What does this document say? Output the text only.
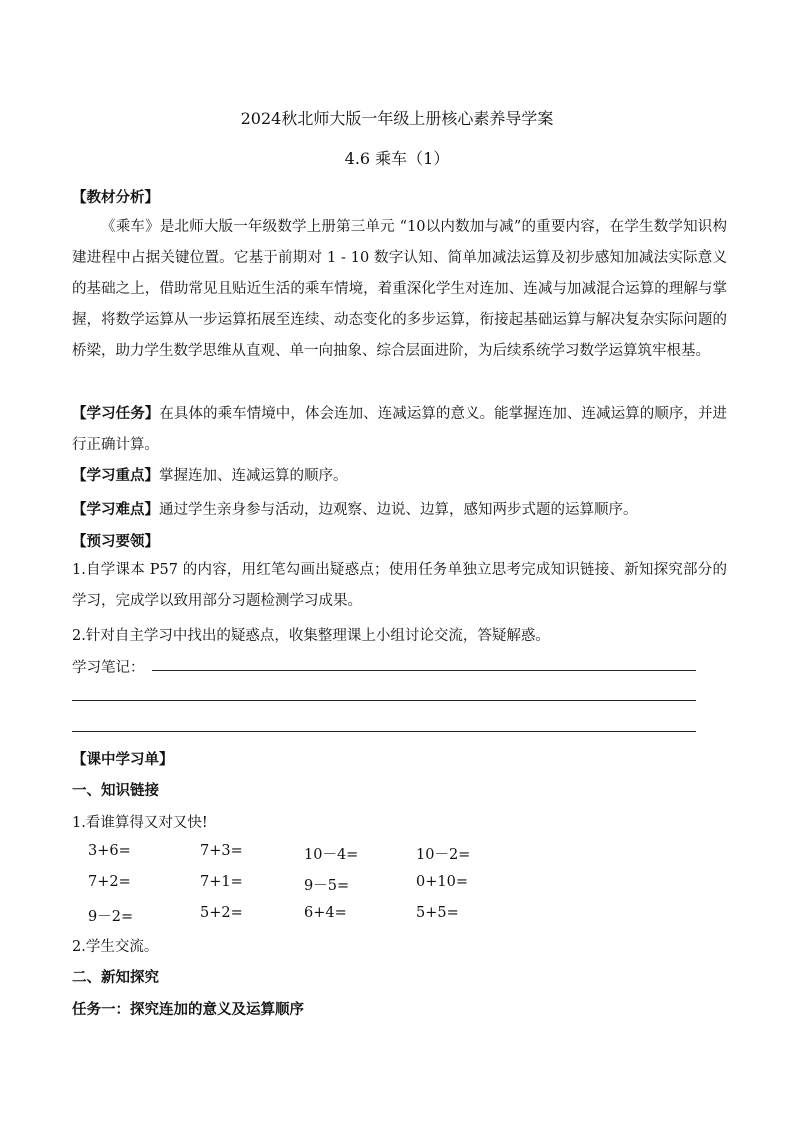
2024秋北师大版一年级上册核心素养导学案
4.6 乘车（1）
【教材分析】
《乘车》是北师大版一年级数学上册第三单元 “10以内数加与减”的重要内容，在学生数学知识构建进程中占据关键位置。它基于前期对 1 - 10 数字认知、简单加减法运算及初步感知加减法实际意义的基础之上，借助常见且贴近生活的乘车情境，着重深化学生对连加、连减与加减混合运算的理解与掌握，将数学运算从一步运算拓展至连续、动态变化的多步运算，衔接起基础运算与解决复杂实际问题的桥梁，助力学生数学思维从直观、单一向抽象、综合层面进阶，为后续系统学习数学运算筑牢根基。
【学习任务】在具体的乘车情境中，体会连加、连减运算的意义。能掌握连加、连减运算的顺序，并进行正确计算。
【学习重点】掌握连加、连减运算的顺序。
【学习难点】通过学生亲身参与活动，边观察、边说、边算，感知两步式题的运算顺序。
【预习要领】
1.自学课本 P57 的内容，用红笔勾画出疑惑点；使用任务单独立思考完成知识链接、新知探究部分的学习，完成学以致用部分习题检测学习成果。
2.针对自主学习中找出的疑惑点，收集整理课上小组讨论交流，答疑解惑。
学习笔记：
【课中学习单】
一、知识链接
1.看谁算得又对又快!
3+6=	7+3=	10－4=	10－2=
7+2=	7+1=	9－5=	0+10=
9－2=	5+2=	6+4=	5+5=
2.学生交流。
二、新知探究
任务一：探究连加的意义及运算顺序
